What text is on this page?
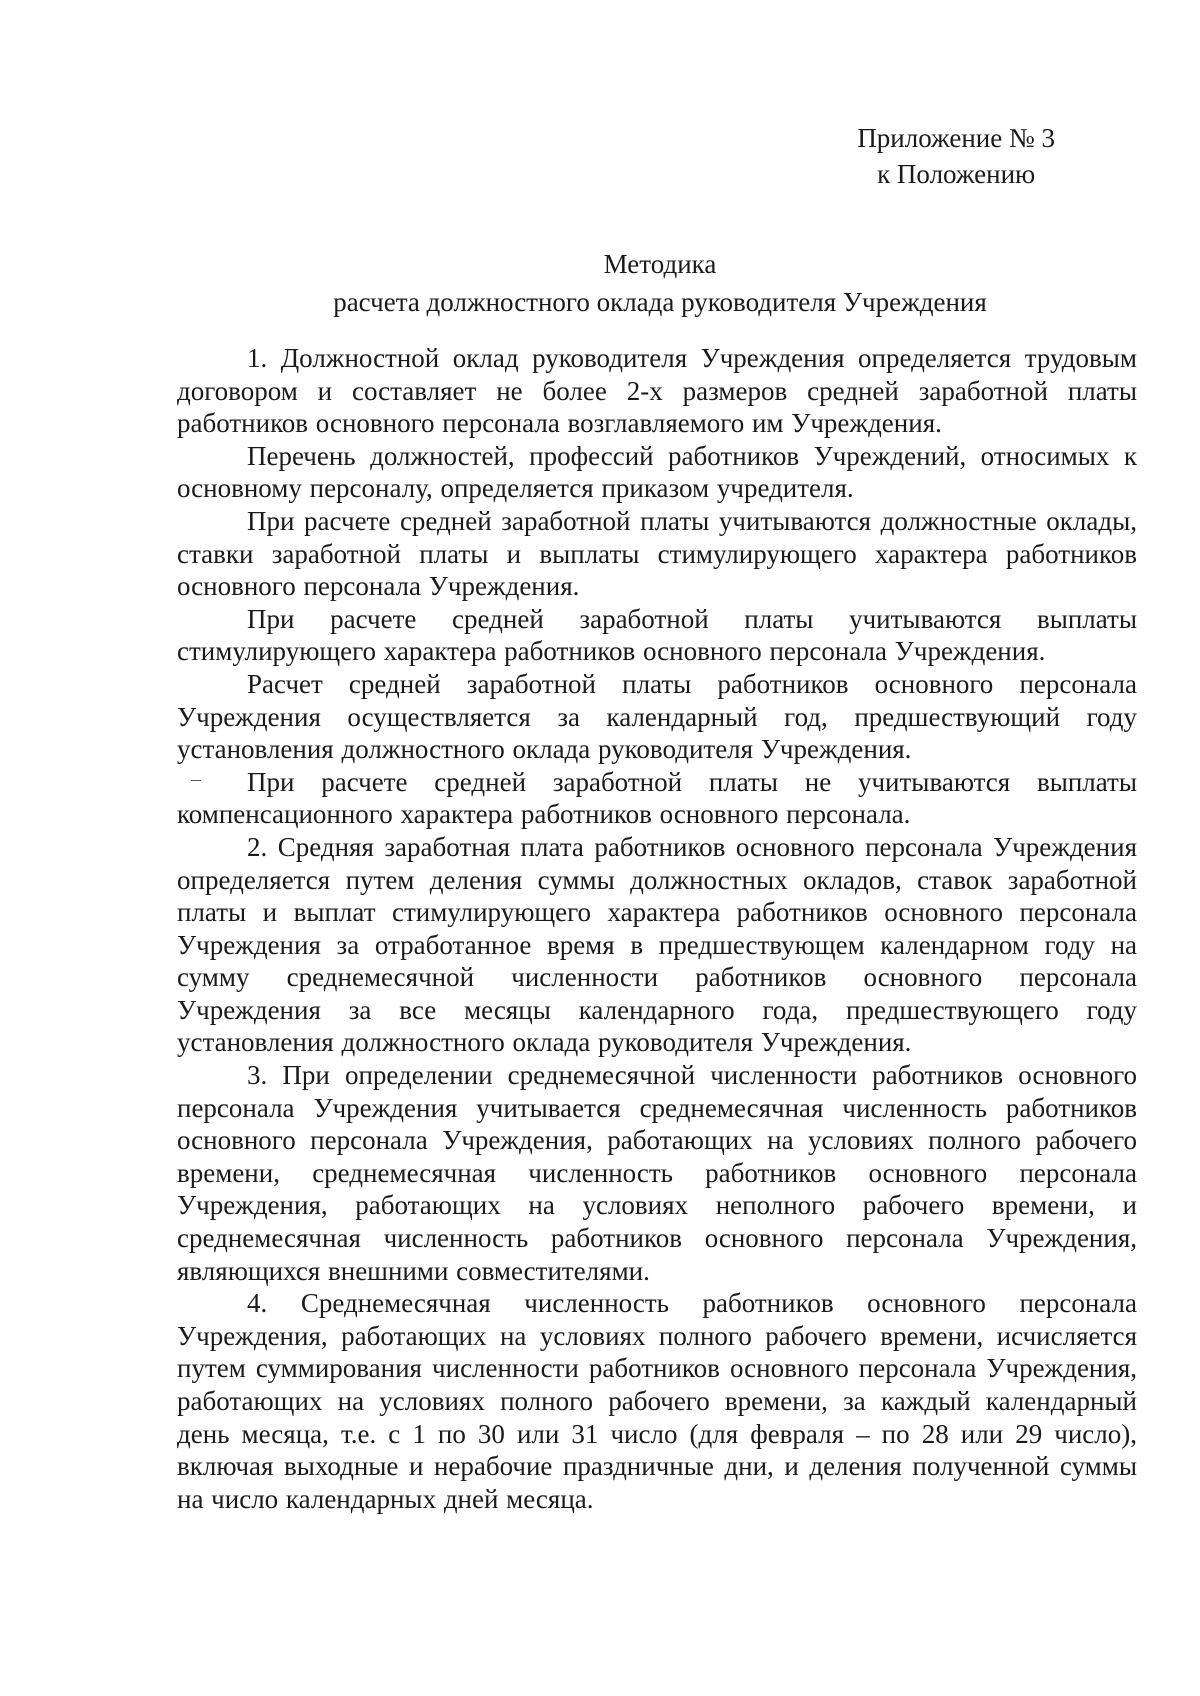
Приложение № 3
к Положению
Методика
расчета должностного оклада руководителя Учреждения
–

1. Должностной оклад руководителя Учреждения определяется трудовым договором и составляет не более 2-х размеров средней заработной платы работников основного персонала возглавляемого им Учреждения.

Перечень должностей, профессий работников Учреждений, относимых к основному персоналу, определяется приказом учредителя.

При расчете средней заработной платы учитываются должностные оклады, ставки заработной платы и выплаты стимулирующего характера работников основного персонала Учреждения.

При расчете средней заработной платы учитываются выплаты стимулирующего характера работников основного персонала Учреждения.

Расчет средней заработной платы работников основного персонала Учреждения осуществляется за календарный год, предшествующий году установления должностного оклада руководителя Учреждения.

При расчете средней заработной платы не учитываются выплаты компенсационного характера работников основного персонала.

2. Средняя заработная плата работников основного персонала Учреждения определяется путем деления суммы должностных окладов, ставок заработной платы и выплат стимулирующего характера работников основного персонала Учреждения за отработанное время в предшествующем календарном году на сумму среднемесячной численности работников основного персонала Учреждения за все месяцы календарного года, предшествующего году установления должностного оклада руководителя Учреждения.

3. При определении среднемесячной численности работников основного персонала Учреждения учитывается среднемесячная численность работников основного персонала Учреждения, работающих на условиях полного рабочего времени, среднемесячная численность работников основного персонала Учреждения, работающих на условиях неполного рабочего времени, и среднемесячная численность работников основного персонала Учреждения, являющихся внешними совместителями.

4. Среднемесячная численность работников основного персонала Учреждения, работающих на условиях полного рабочего времени, исчисляется путем суммирования численности работников основного персонала Учреждения, работающих на условиях полного рабочего времени, за каждый календарный день месяца, т.е. с 1 по 30 или 31 число (для февраля – по 28 или 29 число), включая выходные и нерабочие праздничные дни, и деления полученной суммы на число календарных дней месяца.
